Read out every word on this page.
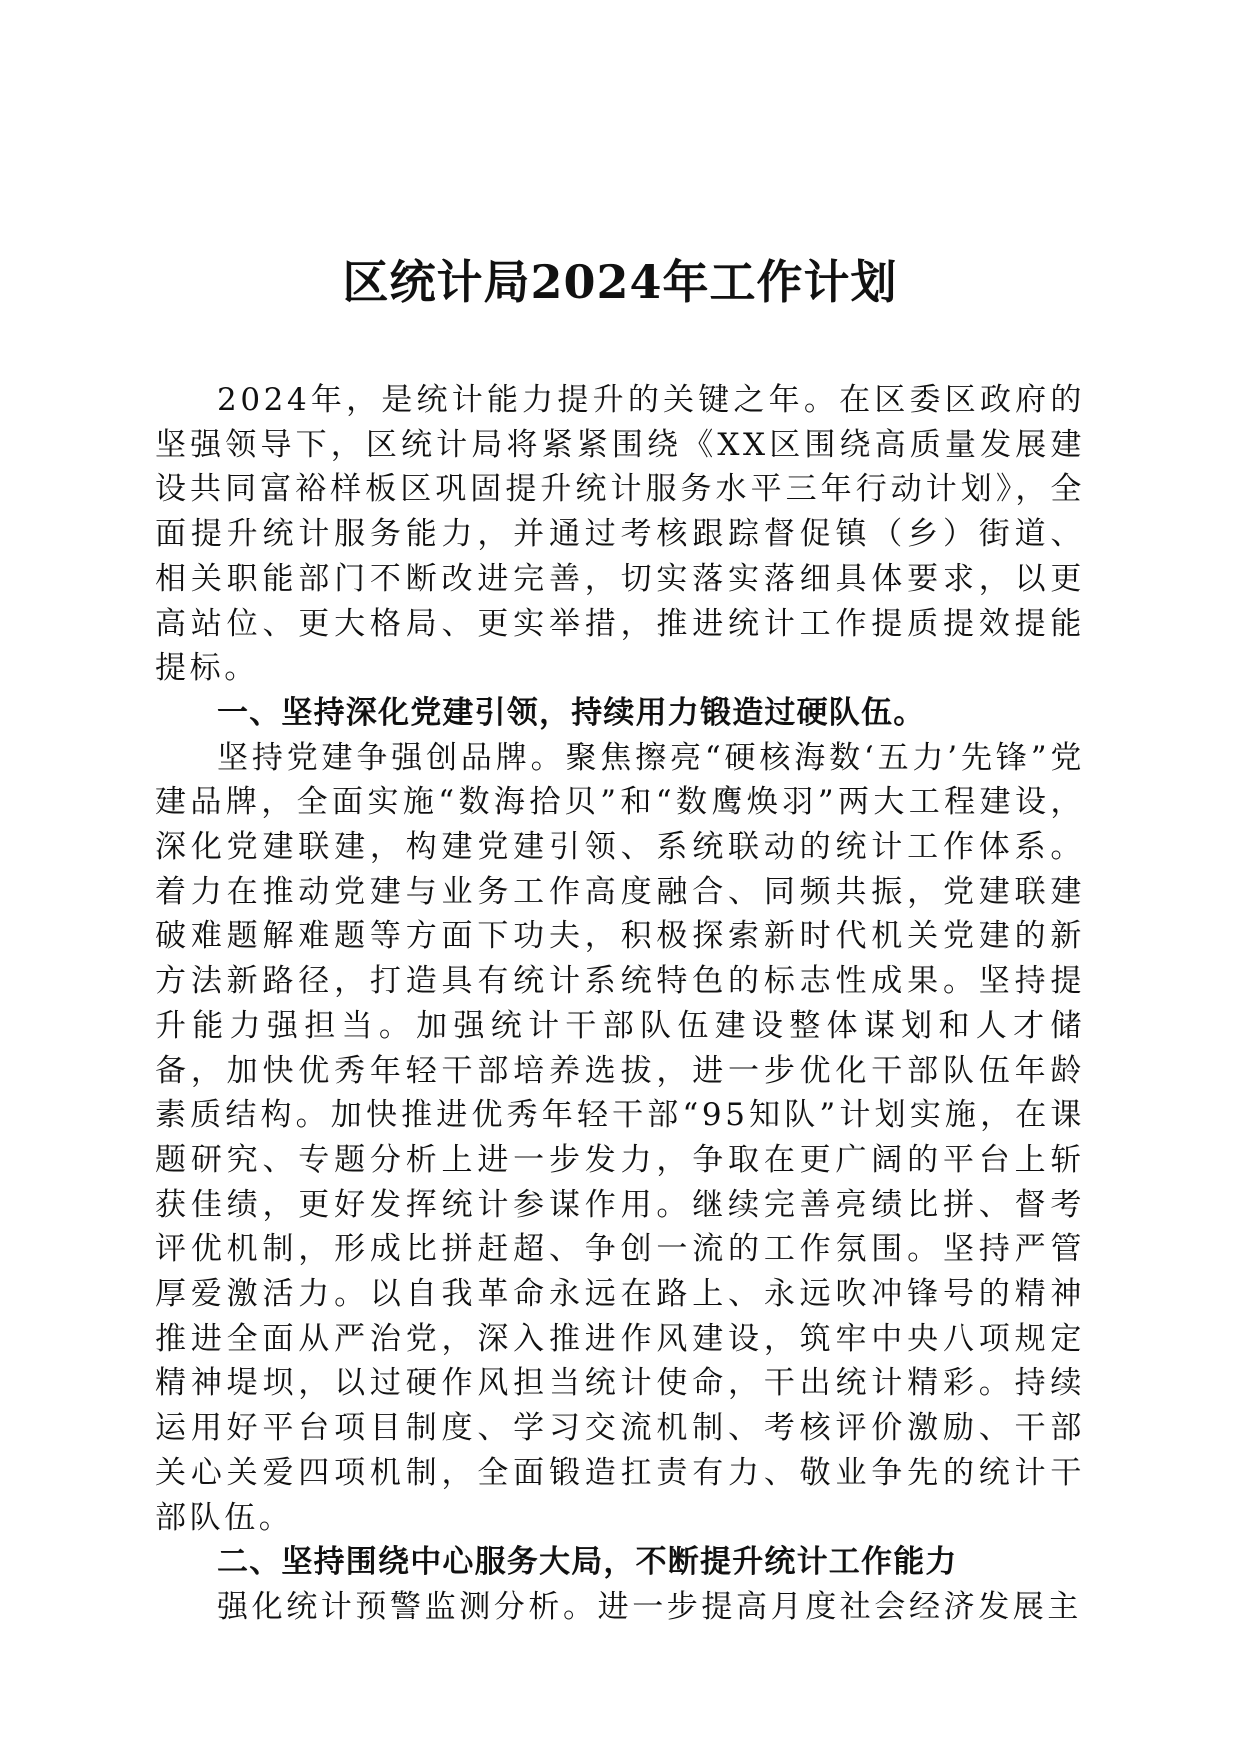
区统计局2024年工作计划

2024年，是统计能力提升的关键之年。在区委区政府的坚强领导下，区统计局将紧紧围绕《XX区围绕高质量发展建设共同富裕样板区巩固提升统计服务水平三年行动计划》，全面提升统计服务能力，并通过考核跟踪督促镇（乡）街道、相关职能部门不断改进完善，切实落实落细具体要求，以更高站位、更大格局、更实举措，推进统计工作提质提效提能提标。

一、坚持深化党建引领，持续用力锻造过硬队伍。

坚持党建争强创品牌。聚焦擦亮“硬核海数‘五力’先锋”党建品牌，全面实施“数海拾贝”和“数鹰焕羽”两大工程建设，深化党建联建，构建党建引领、系统联动的统计工作体系。着力在推动党建与业务工作高度融合、同频共振，党建联建破难题解难题等方面下功夫，积极探索新时代机关党建的新方法新路径，打造具有统计系统特色的标志性成果。坚持提升能力强担当。加强统计干部队伍建设整体谋划和人才储备，加快优秀年轻干部培养选拔，进一步优化干部队伍年龄素质结构。加快推进优秀年轻干部“95知队”计划实施，在课题研究、专题分析上进一步发力，争取在更广阔的平台上斩获佳绩，更好发挥统计参谋作用。继续完善亮绩比拼、督考评优机制，形成比拼赶超、争创一流的工作氛围。坚持严管厚爱激活力。以自我革命永远在路上、永远吹冲锋号的精神推进全面从严治党，深入推进作风建设，筑牢中央八项规定精神堤坝，以过硬作风担当统计使命，干出统计精彩。持续运用好平台项目制度、学习交流机制、考核评价激励、干部关心关爱四项机制，全面锻造扛责有力、敬业争先的统计干部队伍。

二、坚持围绕中心服务大局，不断提升统计工作能力

强化统计预警监测分析。进一步提高月度社会经济发展主
